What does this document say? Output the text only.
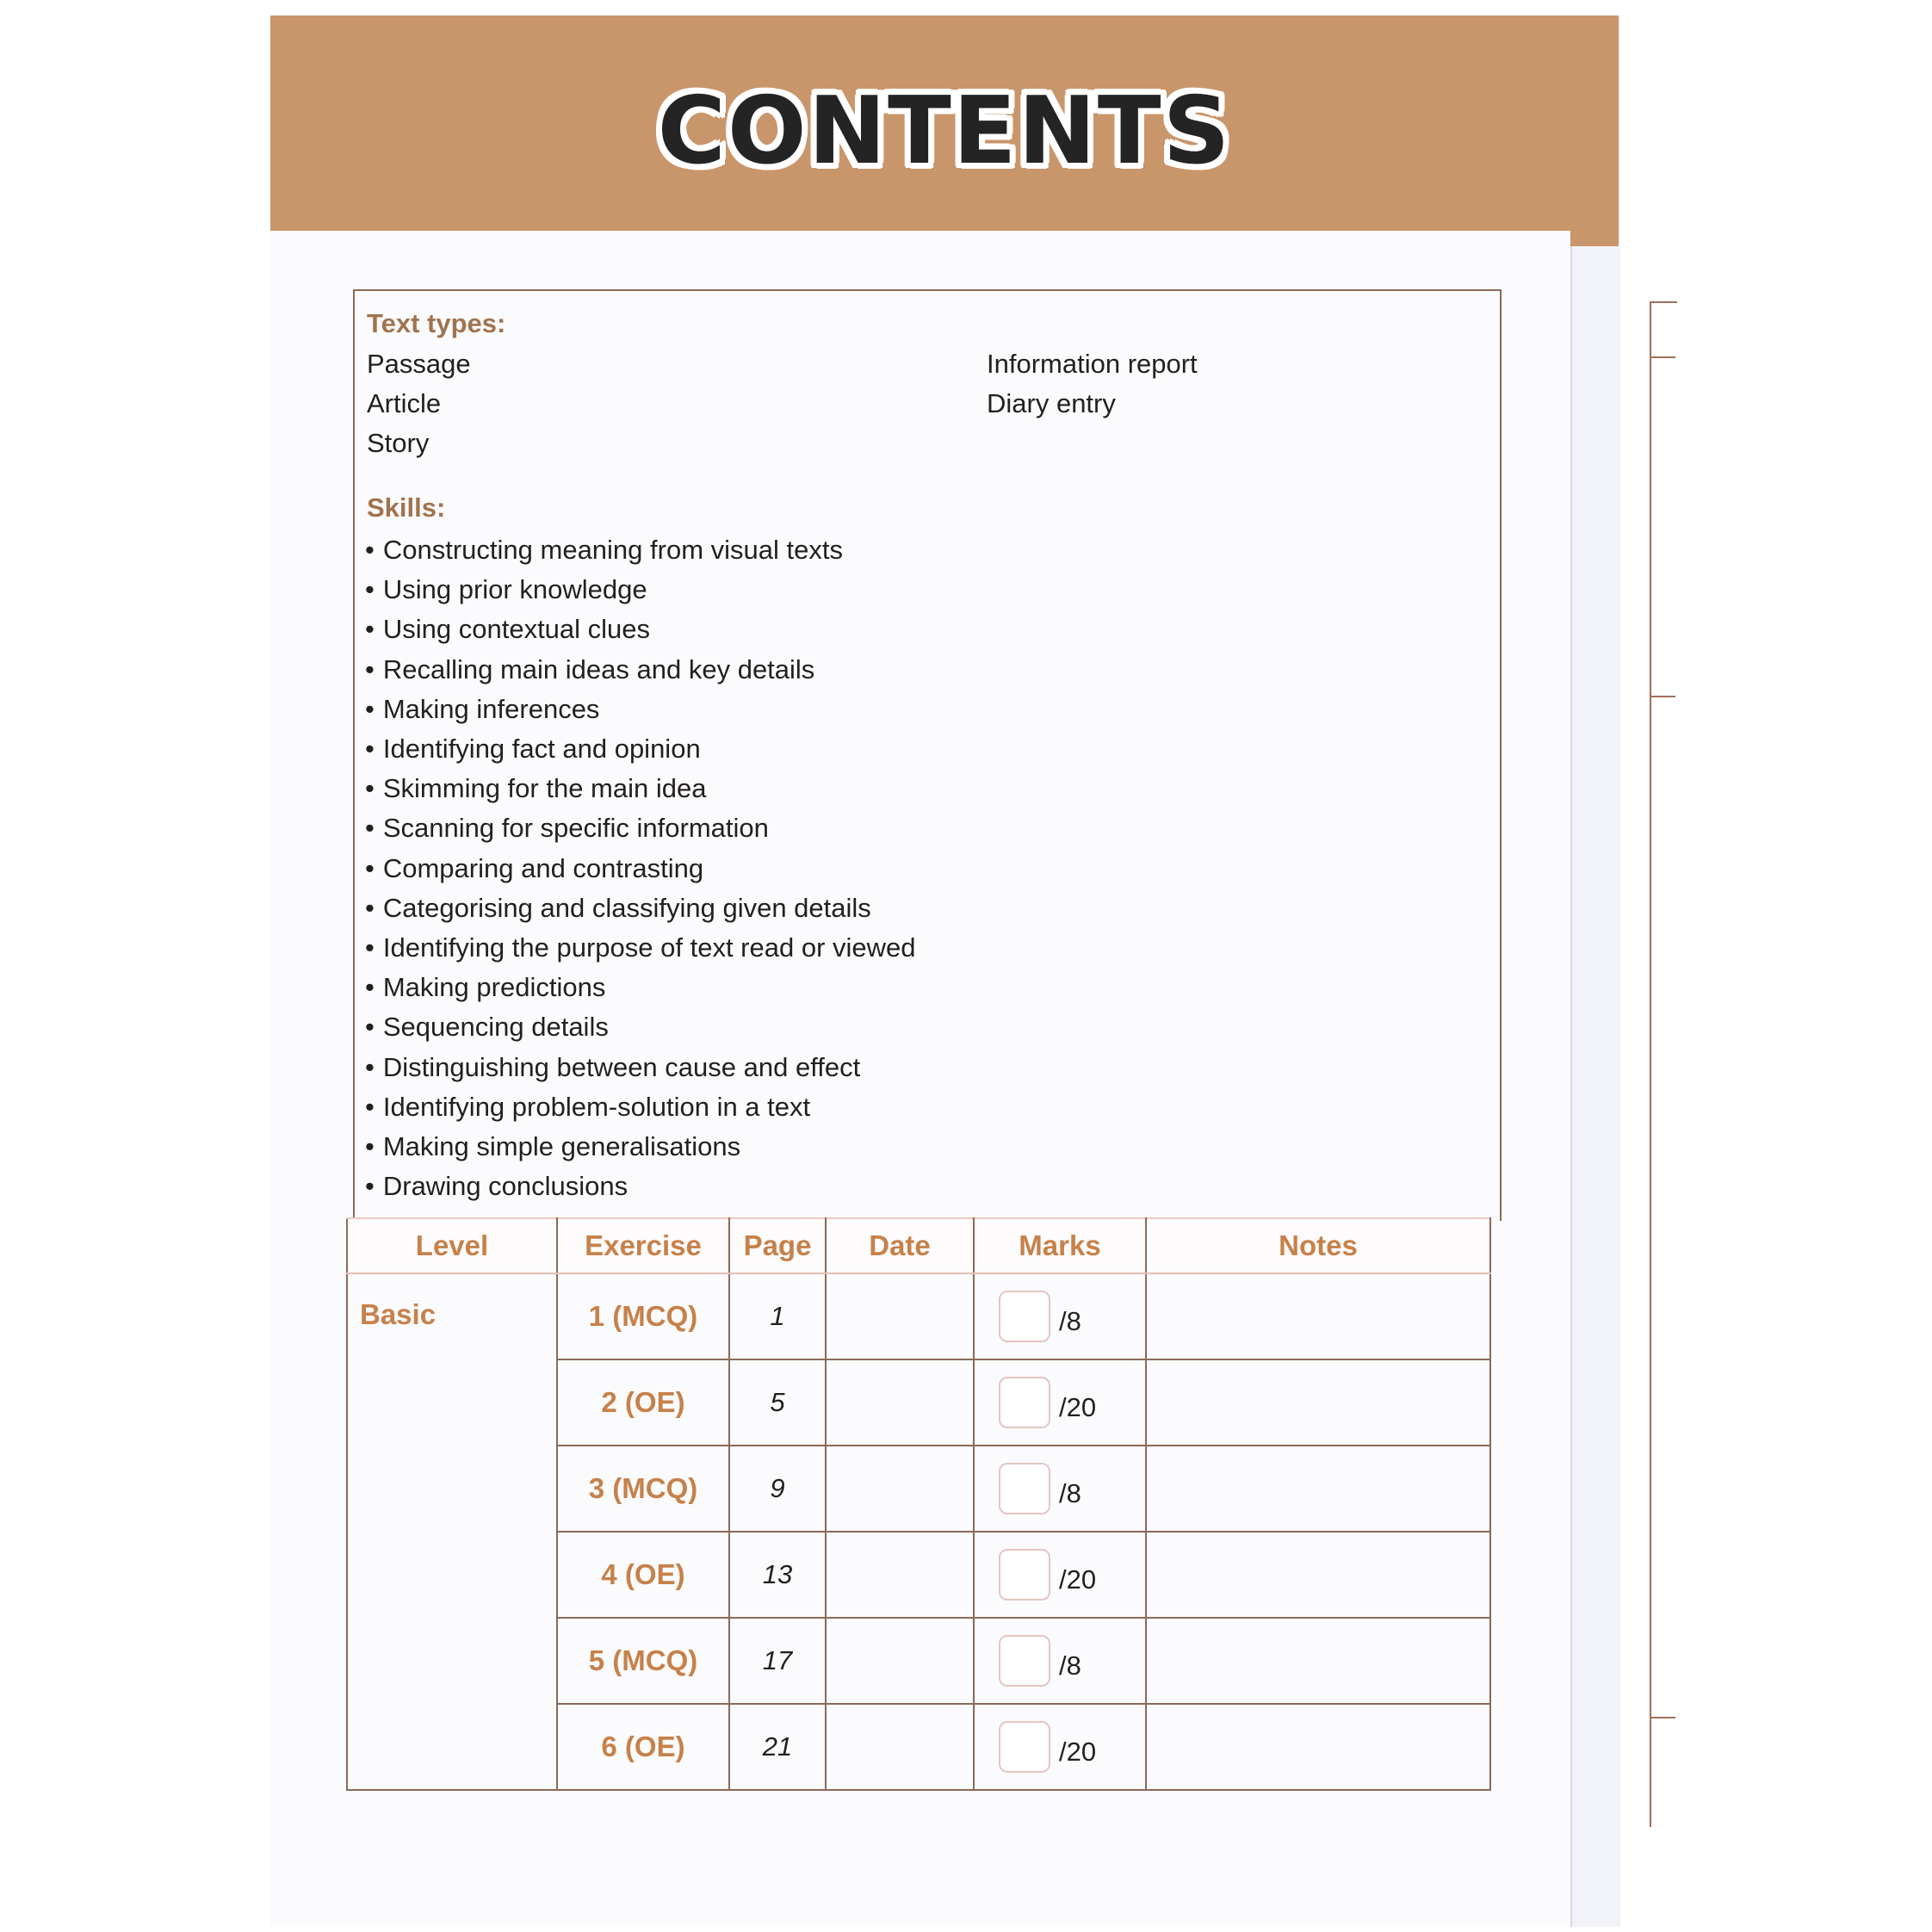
CONTENTS
Text types:
Passage
Article
Story
Information report
Diary entry
Skills:
• Constructing meaning from visual texts
• Using prior knowledge
• Using contextual clues
• Recalling main ideas and key details
• Making inferences
• Identifying fact and opinion
• Skimming for the main idea
• Scanning for specific information
• Comparing and contrasting
• Categorising and classifying given details
• Identifying the purpose of text read or viewed
• Making predictions
• Sequencing details
• Distinguishing between cause and effect
• Identifying problem-solution in a text
• Making simple generalisations
• Drawing conclusions
Level	Exercise	Page	Date	Marks	Notes
Basic	1 (MCQ)	1		/8	

	2 (OE)	5		/20	

	3 (MCQ)	9		/8	

	4 (OE)	13		/20	

	5 (MCQ)	17		/8	

	6 (OE)	21		/20	
